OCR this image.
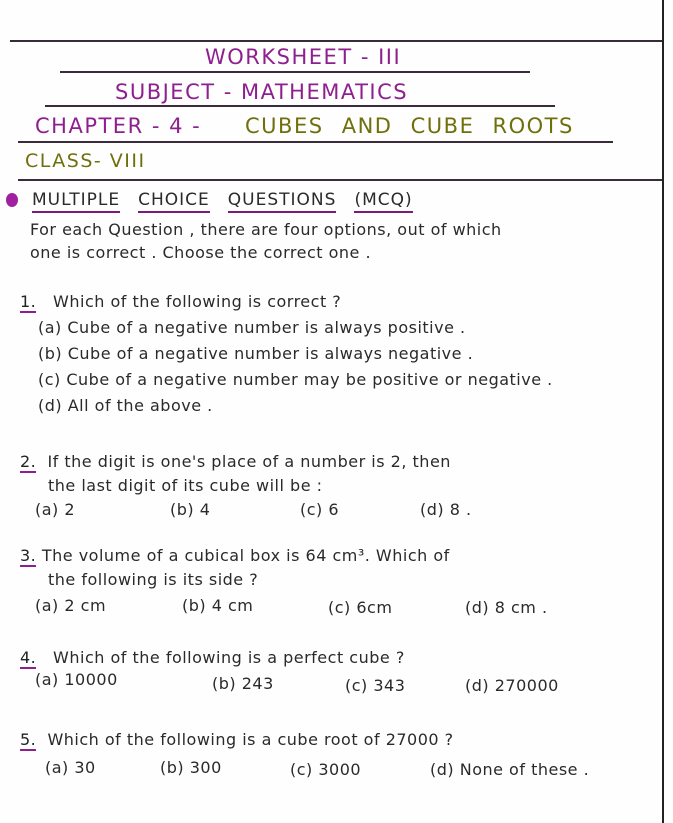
WORKSHEET - III
SUBJECT - MATHEMATICS
CHAPTER - 4 - CUBES AND CUBE ROOTS
CLASS- VIII
MULTIPLE CHOICE QUESTIONS (MCQ)
For each Question , there are four options, out of which
one is correct . Choose the correct one .
1. Which of the following is correct ?
(a) Cube of a negative number is always positive .
(b) Cube of a negative number is always negative .
(c) Cube of a negative number may be positive or negative .
(d) All of the above .
2. If the digit is one's place of a number is 2, then
the last digit of its cube will be :
(a) 2	(b) 4	(c) 6	(d) 8 .
3. The volume of a cubical box is 64 cm³. Which of
the following is its side ?
(a) 2 cm	(b) 4 cm	(c) 6cm	(d) 8 cm .
4. Which of the following is a perfect cube ?
(a) 10000	(b) 243	(c) 343	(d) 270000
5. Which of the following is a cube root of 27000 ?
(a) 30	(b) 300	(c) 3000	(d) None of these .
